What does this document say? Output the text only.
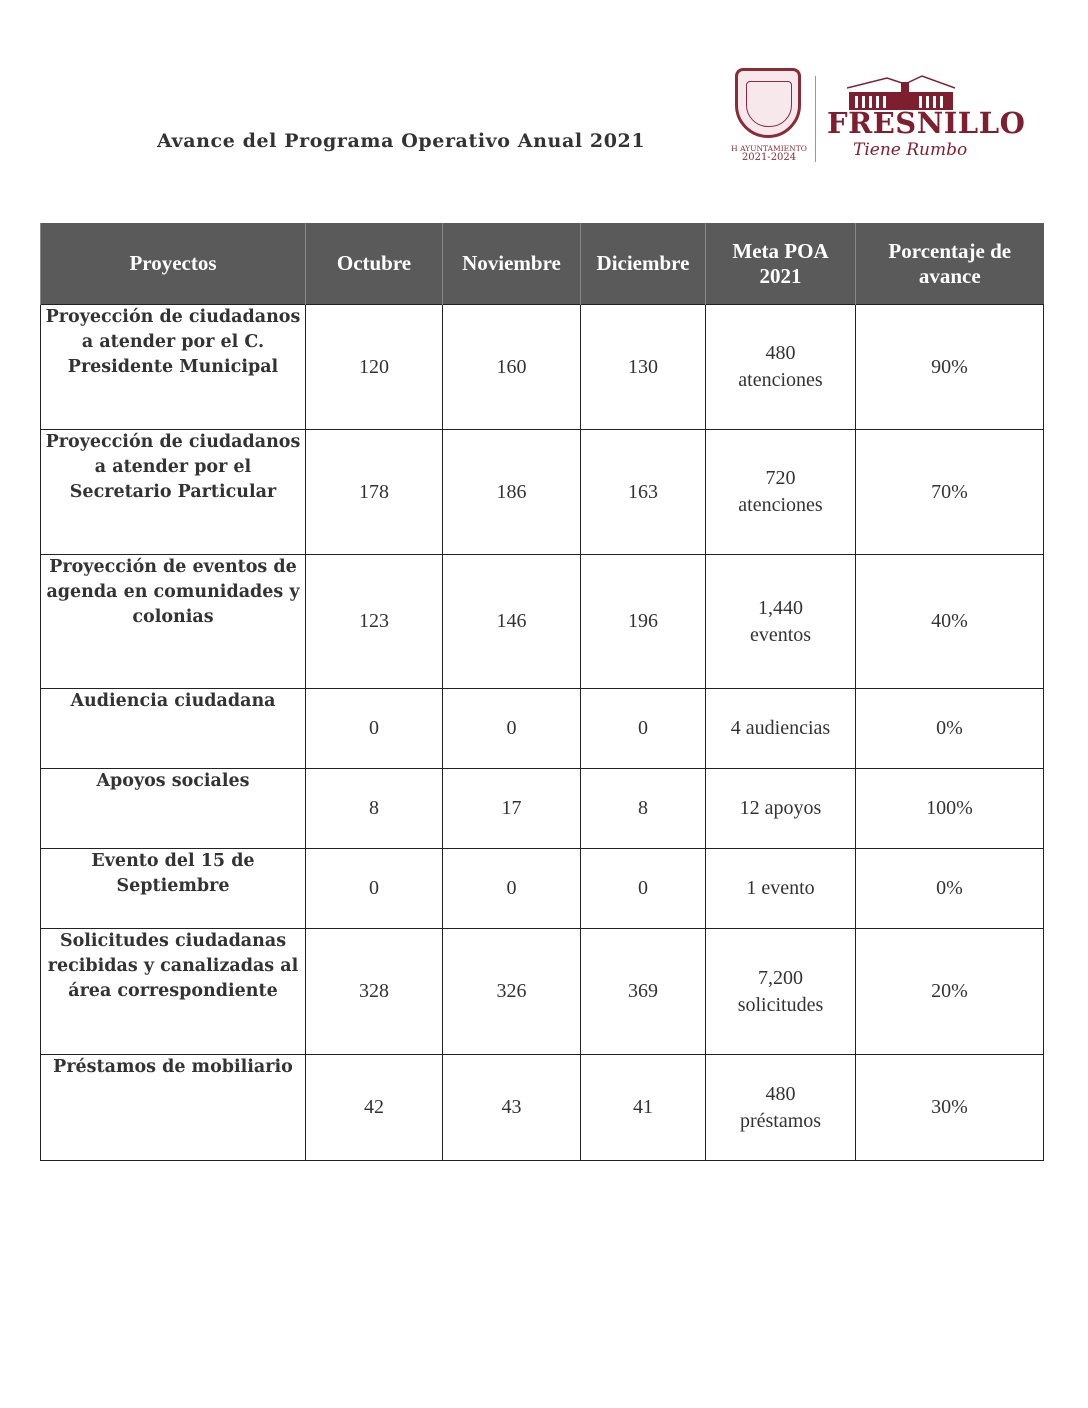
Avance del Programa Operativo Anual 2021	H AYUNTAMIENTO
2021-2024
FRESNILLO
Tiene Rumbo
Proyectos	Octubre	Noviembre	Diciembre	Meta POA 2021	Porcentaje de avance
Proyección de ciudadanos a atender por el C. Presidente Municipal	120	160	130	480 atenciones	90%
Proyección de ciudadanos a atender por el Secretario Particular	178	186	163	720 atenciones	70%
Proyección de eventos de agenda en comunidades y colonias	123	146	196	1,440 eventos	40%
Audiencia ciudadana	0	0	0	4 audiencias	0%
Apoyos sociales	8	17	8	12 apoyos	100%
Evento del 15 de Septiembre	0	0	0	1 evento	0%
Solicitudes ciudadanas recibidas y canalizadas al área correspondiente	328	326	369	7,200 solicitudes	20%
Préstamos de mobiliario	42	43	41	480 préstamos	30%
